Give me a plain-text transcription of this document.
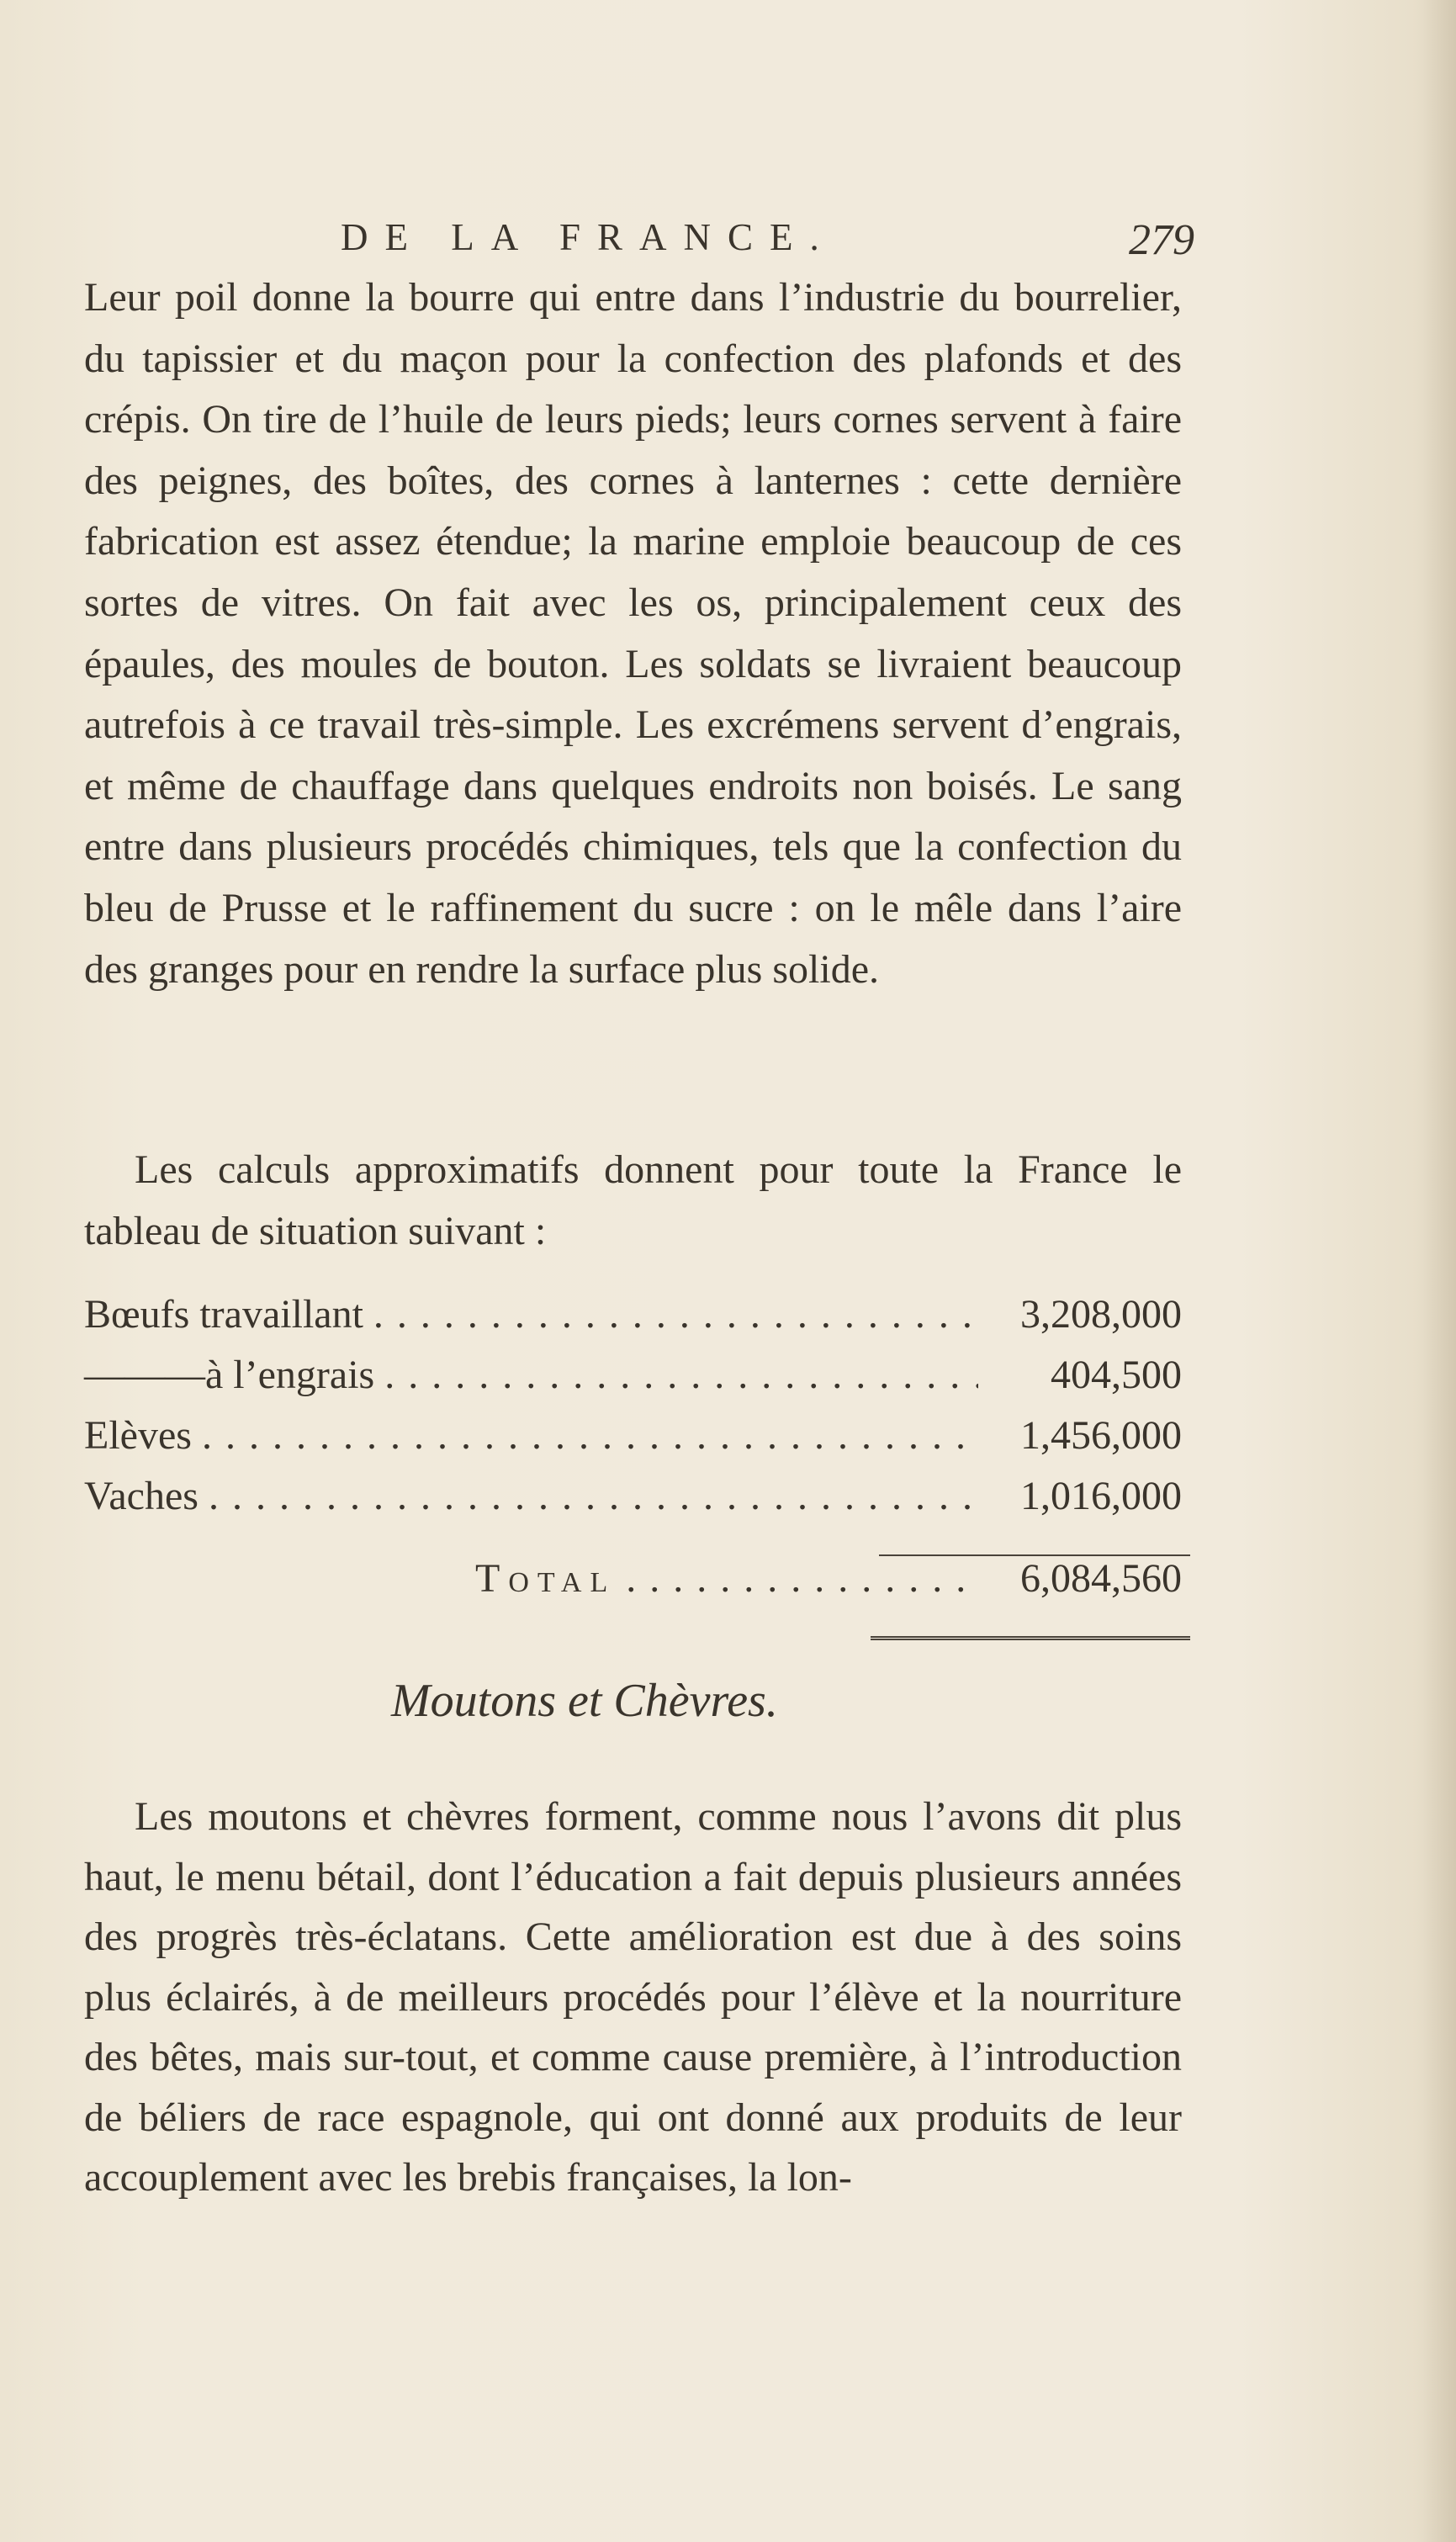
DE LA FRANCE.	279

Leur poil donne la bourre qui entre dans l’industrie du bourrelier, du tapissier et du maçon pour la confection des plafonds et des crépis. On tire de l’huile de leurs pieds; leurs cornes servent à faire des peignes, des boîtes, des cornes à lanternes : cette dernière fabrication est assez étendue; la marine emploie beaucoup de ces sortes de vitres. On fait avec les os, principalement ceux des épaules, des moules de bouton. Les soldats se livraient beaucoup autrefois à ce travail très-simple. Les excrémens servent d’engrais, et même de chauffage dans quelques endroits non boisés. Le sang entre dans plusieurs procédés chimiques, tels que la confection du bleu de Prusse et le raffinement du sucre : on le mêle dans l’aire des granges pour en rendre la surface plus solide.

Les calculs approximatifs donnent pour toute la France le tableau de situation suivant :

Bœufs travaillant . . .	3,208,000
———à l’engrais . . .	404,500
Elèves . . .	1,456,000
Vaches . . .	1,016,000
Total . . .	6,084,560
Moutons et Chèvres.

Les moutons et chèvres forment, comme nous l’avons dit plus haut, le menu bétail, dont l’éducation a fait depuis plusieurs années des progrès très-éclatans. Cette amélioration est due à des soins plus éclairés, à de meilleurs procédés pour l’élève et la nourriture des bêtes, mais sur-tout, et comme cause première, à l’introduction de béliers de race espagnole, qui ont donné aux produits de leur accouplement avec les brebis françaises, la lon-
